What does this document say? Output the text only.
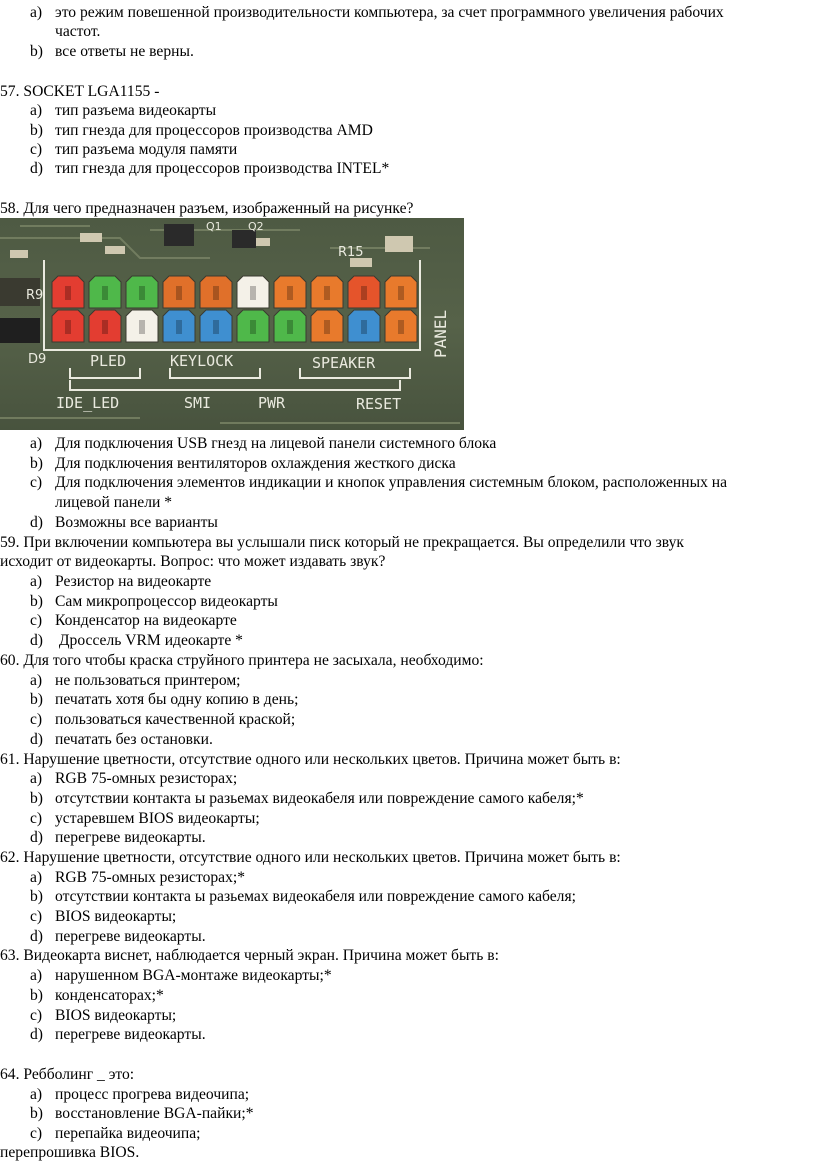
a) это режим повешенной производительности компьютера, за счет программного увеличения рабочих
частот.
b) все ответы не верны.
57. SOCKET LGA1155 -
a) тип разъема видеокарты
b) тип гнезда для процессоров производства AMD
c) тип разъема модуля памяти
d) тип гнезда для процессоров производства INTEL*
58. Для чего предназначен разъем, изображенный на рисунке?
R9
D9
R15
Q1 Q2
PLED	KEYLOCK	SPEAKER
IDE_LED	SMI	PWR	RESET
PANEL
a) Для подключения USB гнезд на лицевой панели системного блока
b) Для подключения вентиляторов охлаждения жесткого диска
c) Для подключения элементов индикации и кнопок управления системным блоком, расположенных на
лицевой панели *
d) Возможны все варианты
59. При включении компьютера вы услышали писк который не прекращается. Вы определили что звук
исходит от видеокарты. Вопрос: что может издавать звук?
a) Резистор на видеокарте
b) Сам микропроцессор видеокарты
c) Конденсатор на видеокарте
d) Дроссель VRM идеокарте *
60. Для того чтобы краска струйного принтера не засыхала, необходимо:
a) не пользоваться принтером;
b) печатать хотя бы одну копию в день;
c) пользоваться качественной краской;
d) печатать без остановки.
61. Нарушение цветности, отсутствие одного или нескольких цветов. Причина может быть в:
a) RGB 75-омных резисторах;
b) отсутствии контакта ы разьемах видеокабеля или повреждение самого кабеля;*
c) устаревшем BIOS видеокарты;
d) перегреве видеокарты.
62. Нарушение цветности, отсутствие одного или нескольких цветов. Причина может быть в:
a) RGB 75-омных резисторах;*
b) отсутствии контакта ы разьемах видеокабеля или повреждение самого кабеля;
c) BIOS видеокарты;
d) перегреве видеокарты.
63. Видеокарта виснет, наблюдается черный экран. Причина может быть в:
a) нарушенном BGA-монтаже видеокарты;*
b) конденсаторах;*
c) BIOS видеокарты;
d) перегреве видеокарты.
64. Ребболинг _ это:
a) процесс прогрева видеочипа;
b) восстановление BGA-пайки;*
c) перепайка видеочипа;
перепрошивка BIOS.
